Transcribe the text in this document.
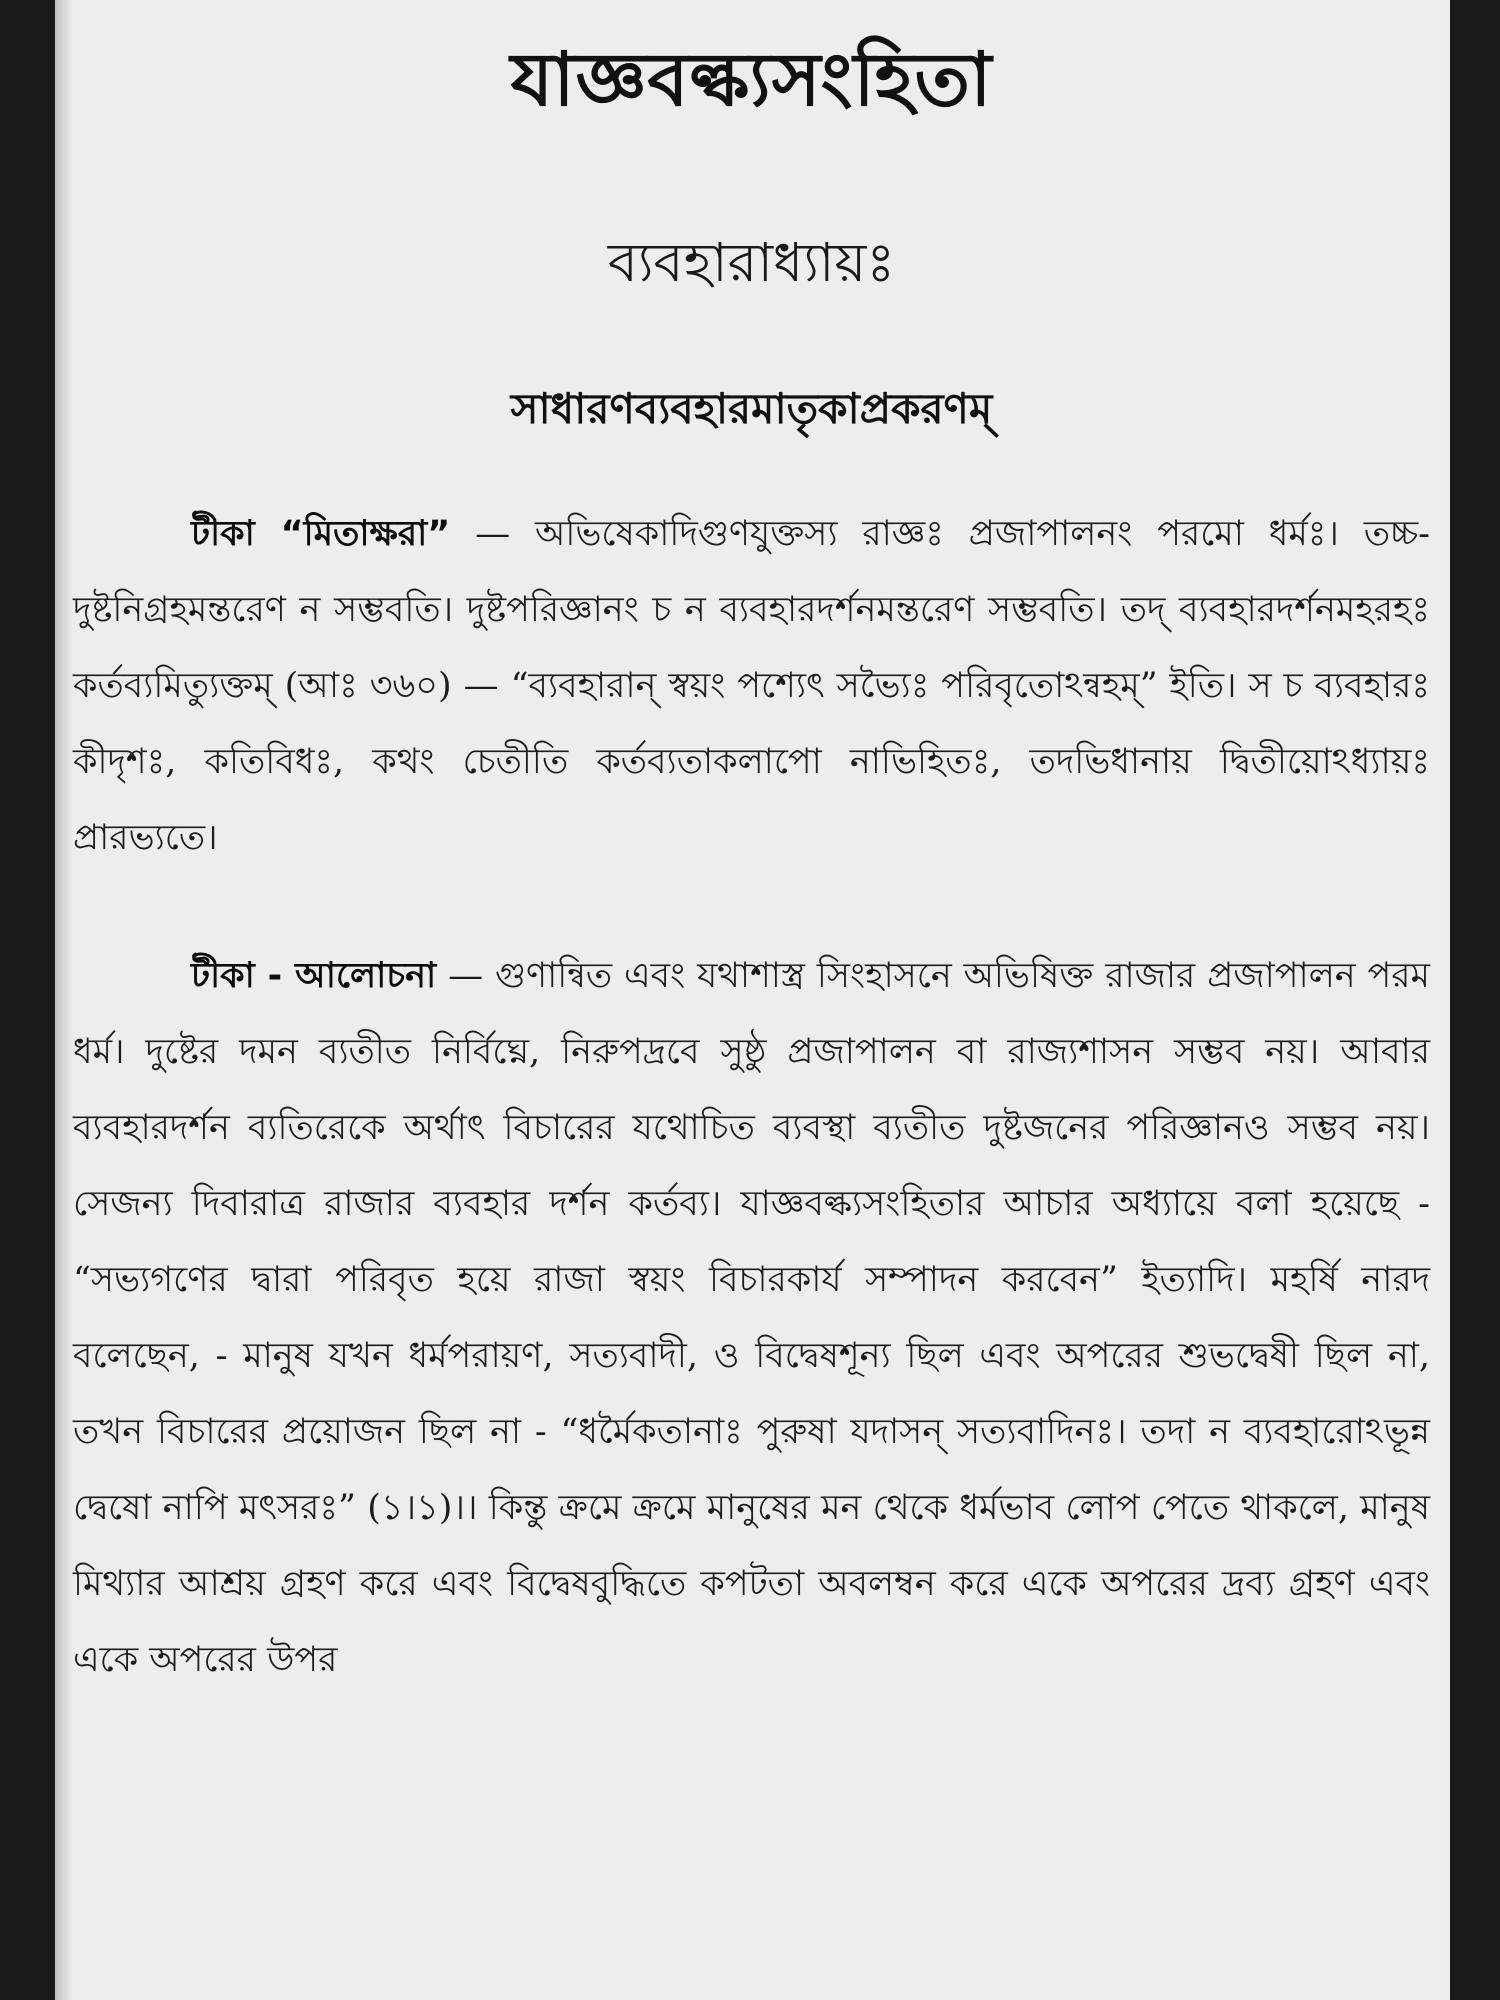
যাজ্ঞবল্ক্যসংহিতা
ব্যবহারাধ্যায়ঃ
সাধারণব্যবহারমাতৃকাপ্রকরণম্

টীকা “মিতাক্ষরা” — অভিষেকাদিগুণযুক্তস্য রাজ্ঞঃ প্রজাপালনং পরমো ধর্মঃ। তচ্চ-দুষ্টনিগ্রহমন্তরেণ ন সম্ভবতি। দুষ্টপরিজ্ঞানং চ ন ব্যবহারদর্শনমন্তরেণ সম্ভবতি। তদ্ ব্যবহারদর্শনমহরহঃ কর্তব্যমিত্যুক্তম্ (আঃ ৩৬০) — “ব্যবহারান্ স্বয়ং পশ্যেৎ সভ্যৈঃ পরিবৃতোঽন্বহম্” ইতি। স চ ব্যবহারঃ কীদৃশঃ, কতিবিধঃ, কথং চেতীতি কর্তব্যতাকলাপো নাভিহিতঃ, তদভিধানায় দ্বিতীয়োঽধ্যায়ঃ প্রারভ্যতে।

টীকা - আলোচনা — গুণান্বিত এবং যথাশাস্ত্র সিংহাসনে অভিষিক্ত রাজার প্রজাপালন পরম ধর্ম। দুষ্টের দমন ব্যতীত নির্বিঘ্নে, নিরুপদ্রবে সুষ্ঠু প্রজাপালন বা রাজ্যশাসন সম্ভব নয়। আবার ব্যবহারদর্শন ব্যতিরেকে অর্থাৎ বিচারের যথোচিত ব্যবস্থা ব্যতীত দুষ্টজনের পরিজ্ঞানও সম্ভব নয়। সেজন্য দিবারাত্র রাজার ব্যবহার দর্শন কর্তব্য। যাজ্ঞবল্ক্যসংহিতার আচার অধ্যায়ে বলা হয়েছে - “সভ্যগণের দ্বারা পরিবৃত হয়ে রাজা স্বয়ং বিচারকার্য সম্পাদন করবেন” ইত্যাদি। মহর্ষি নারদ বলেছেন, - মানুষ যখন ধর্মপরায়ণ, সত্যবাদী, ও বিদ্বেষশূন্য ছিল এবং অপরের শুভদ্বেষী ছিল না, তখন বিচারের প্রয়োজন ছিল না - “ধর্মৈকতানাঃ পুরুষা যদাসন্ সত্যবাদিনঃ। তদা ন ব্যবহারোঽভূন্ন দ্বেষো নাপি মৎসরঃ” (১।১)।। কিন্তু ক্রমে ক্রমে মানুষের মন থেকে ধর্মভাব লোপ পেতে থাকলে, মানুষ মিথ্যার আশ্রয় গ্রহণ করে এবং বিদ্বেষবুদ্ধিতে কপটতা অবলম্বন করে একে অপরের দ্রব্য গ্রহণ এবং একে অপরের উপর
